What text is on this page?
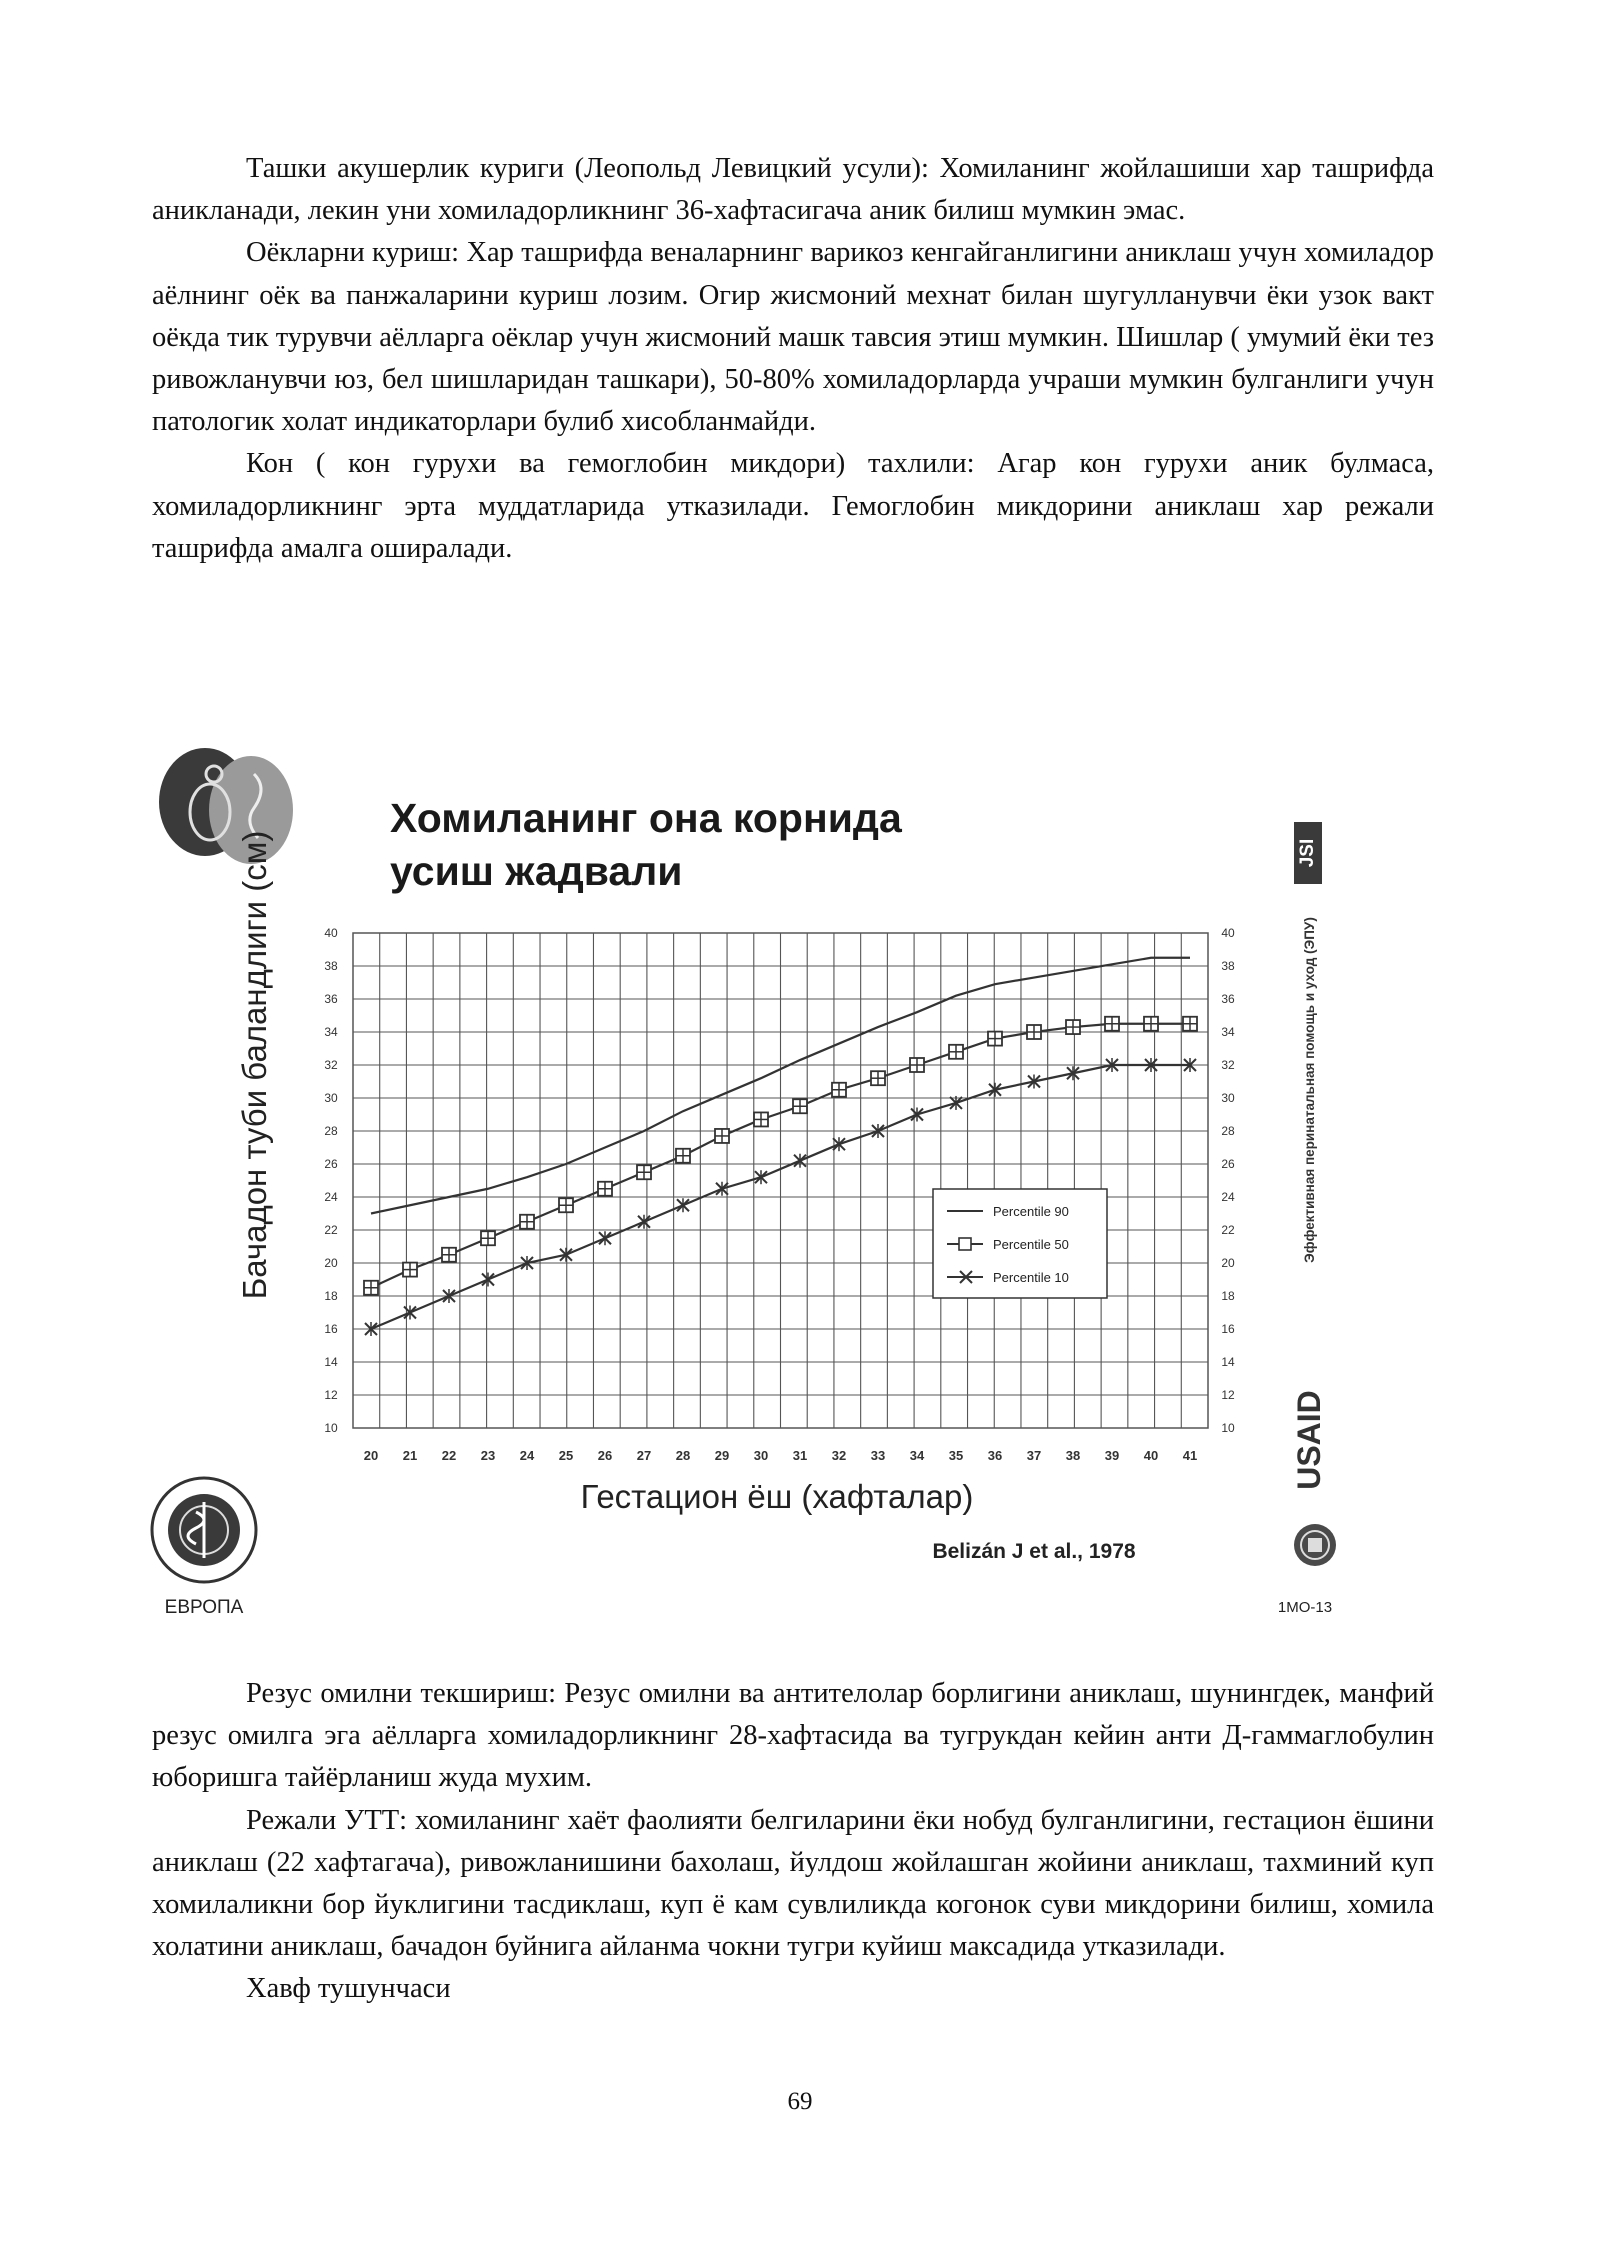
Ташки акушерлик куриги (Леопольд Левицкий усули): Хомиланинг жойлашиши хар ташрифда аникланади, лекин уни хомиладорликнинг 36-хафтасигача аник билиш мумкин эмас.

Оёкларни куриш: Хар ташрифда веналарнинг варикоз кенгайганлигини аниклаш учун хомиладор аёлнинг оёк ва панжаларини куриш лозим. Огир жисмоний мехнат билан шугулланувчи ёки узок вакт оёкда тик турувчи аёлларга оёклар учун жисмоний машк тавсия этиш мумкин. Шишлар ( умумий ёки тез ривожланувчи юз, бел шишларидан ташкари), 50-80% хомиладорларда учраши мумкин булганлиги учун патологик холат индикаторлари булиб хисобланмайди.

Кон ( кон гурухи ва гемоглобин микдори) тахлили: Агар кон гурухи аник булмаса, хомиладорликнинг эрта муддатларида утказилади. Гемоглобин микдорини аниклаш хар режали ташрифда амалга оширалади.

JSI
Эффективная перинатальная помощь и уход (ЭПУ)
USAID
ЕВРОПА
10	10
12	12
14	14
16	16
18	18
20	20
22	22
24	24
26	26
28	28
30	30
32	32
34	34
36	36
38	38
40	40
20 21 22 23 24 25 26 27 28 29 30 31 32 33 34 35 36 37 38 39 40 41
Percentile 90
Percentile 50
Percentile 10
Гестацион ёш (хафталар)
Бачадон туби баландлиги (см)
Belizán J et al., 1978
1МО-13
Хомиланинг она корнида усиш жадвали

Резус омилни текшириш: Резус омилни ва антителолар борлигини аниклаш, шунингдек, манфий резус омилга эга аёлларга хомиладорликнинг 28-хафтасида ва тугрукдан кейин анти Д-гаммаглобулин юборишга тайёрланиш жуда мухим.

Режали УТТ: хомиланинг хаёт фаолияти белгиларини ёки нобуд булганлигини, гестацион ёшини аниклаш (22 хафтагача), ривожланишини бахолаш, йулдош жойлашган жойини аниклаш, тахминий куп хомилаликни бор йуклигини тасдиклаш, куп ё кам сувлиликда когонок суви микдорини билиш, хомила холатини аниклаш, бачадон буйнига айланма чокни тугри куйиш максадида утказилади.

Хавф тушунчаси

69
